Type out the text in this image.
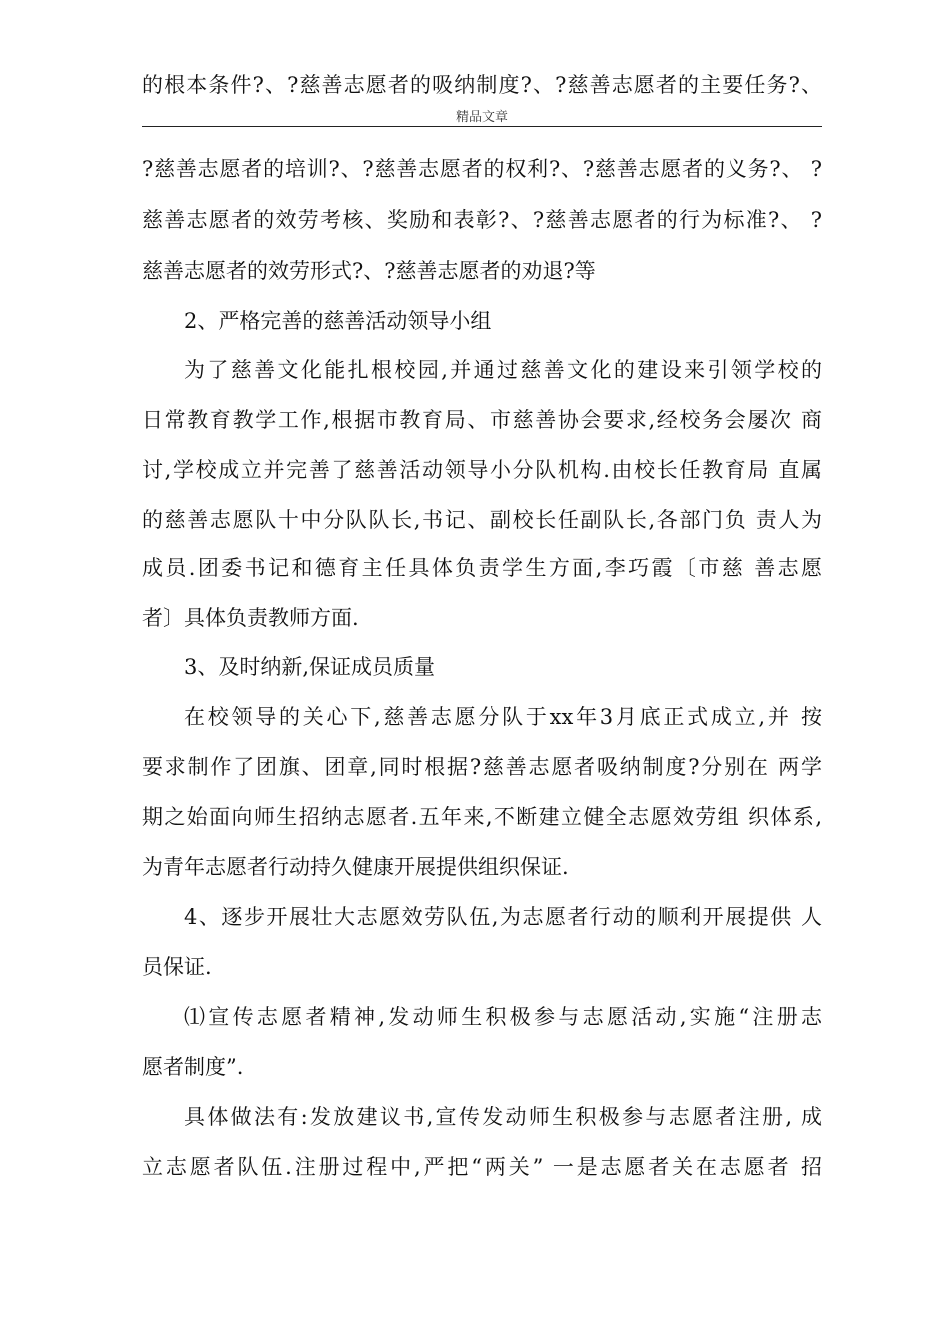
的根本条件?、?慈善志愿者的吸纳制度?、?慈善志愿者的主要任务?、
精品文章
?慈善志愿者的培训?、?慈善志愿者的权利?、?慈善志愿者的义务?、 ?
慈善志愿者的效劳考核、奖励和表彰?、?慈善志愿者的行为标准?、 ?
慈善志愿者的效劳形式?、?慈善志愿者的劝退?等
2、严格完善的慈善活动领导小组
为了慈善文化能扎根校园,并通过慈善文化的建设来引领学校的
日常教育教学工作,根据市教育局、市慈善协会要求,经校务会屡次 商
讨,学校成立并完善了慈善活动领导小分队机构.由校长任教育局 直属
的慈善志愿队十中分队队长,书记、副校长任副队长,各部门负 责人为
成员.团委书记和德育主任具体负责学生方面,李巧霞〔市慈 善志愿
者〕具体负责教师方面.
3、及时纳新,保证成员质量
在校领导的关心下,慈善志愿分队于xx年3月底正式成立,并 按
要求制作了团旗、团章,同时根据?慈善志愿者吸纳制度?分别在 两学
期之始面向师生招纳志愿者.五年来,不断建立健全志愿效劳组 织体系,
为青年志愿者行动持久健康开展提供组织保证.
4、逐步开展壮大志愿效劳队伍,为志愿者行动的顺利开展提供 人
员保证.
⑴宣传志愿者精神,发动师生积极参与志愿活动,实施“注册志
愿者制度”.
具体做法有:发放建议书,宣传发动师生积极参与志愿者注册, 成
立志愿者队伍.注册过程中,严把“两关” 一是志愿者关在志愿者 招
